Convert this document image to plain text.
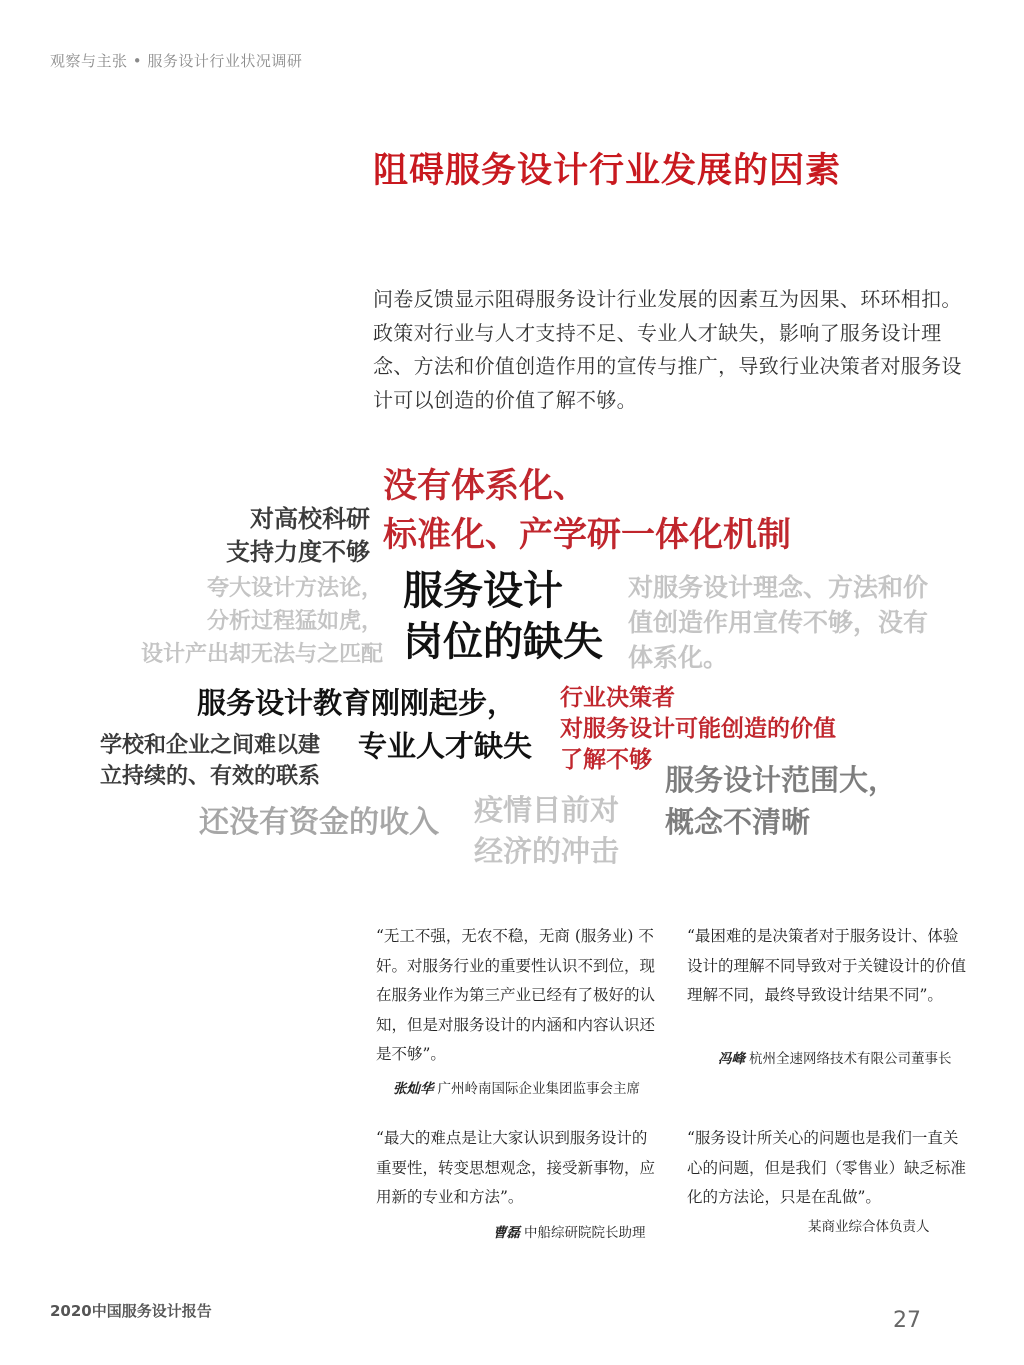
观察与主张 • 服务设计行业状况调研
阻碍服务设计行业发展的因素
问卷反馈显示阻碍服务设计行业发展的因素互为因果、环环相扣。政策对行业与人才支持不足、专业人才缺失，影响了服务设计理念、方法和价值创造作用的宣传与推广，导致行业决策者对服务设计可以创造的价值了解不够。
没有体系化、
标准化、产学研一体化机制
对高校科研
支持力度不够
夸大设计方法论，
分析过程猛如虎，
设计产出却无法与之匹配
服务设计
岗位的缺失
对服务设计理念、方法和价
值创造作用宣传不够，没有
体系化。
服务设计教育刚刚起步， 行业决策者
对服务设计可能创造的价值
了解不够
学校和企业之间难以建
立持续的、有效的联系
专业人才缺失
服务设计范围大，
概念不清晰
还没有资金的收入 疫情目前对
经济的冲击
“无工不强，无农不稳，无商 (服务业) 不奸。对服务行业的重要性认识不到位，现在服务业作为第三产业已经有了极好的认知，但是对服务设计的内涵和内容认识还是不够”。
张灿华 广州岭南国际企业集团监事会主席
“最困难的是决策者对于服务设计、体验设计的理解不同导致对于关键设计的价值理解不同，最终导致设计结果不同”。
冯峰 杭州全速网络技术有限公司董事长
“最大的难点是让大家认识到服务设计的重要性，转变思想观念，接受新事物，应用新的专业和方法”。
曹磊 中船综研院院长助理
“服务设计所关心的问题也是我们一直关心的问题，但是我们（零售业）缺乏标准化的方法论，只是在乱做”。
某商业综合体负责人
2020中国服务设计报告	27
